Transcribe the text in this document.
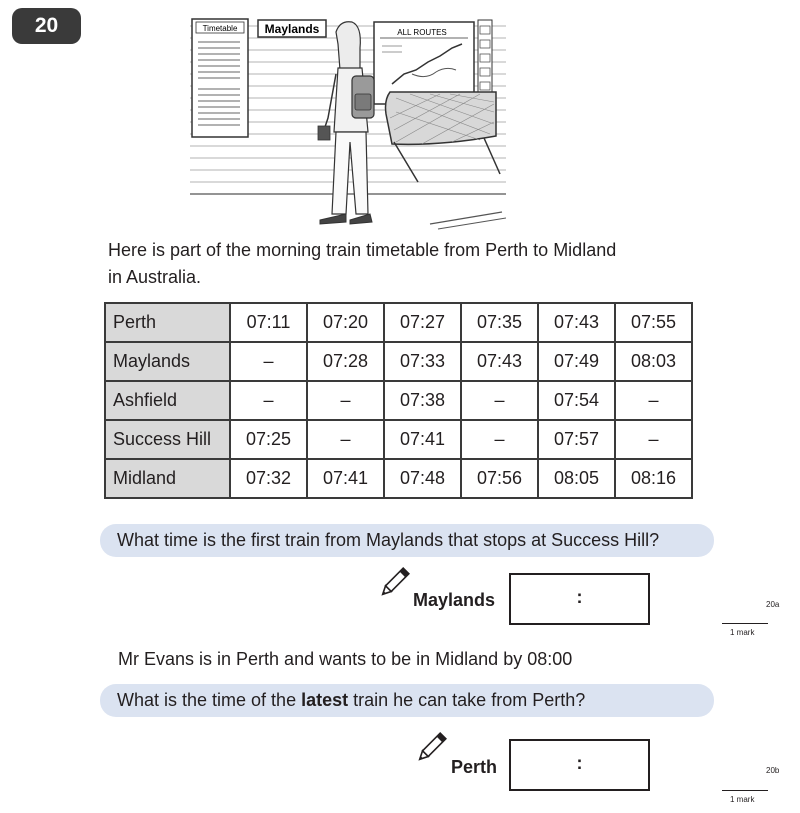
20	Timetable Maylands	ALL ROUTES
Here is part of the morning train timetable from Perth to Midland
in Australia.
Perth	07:11	07:20	07:27	07:35	07:43	07:55
Maylands	–	07:28	07:33	07:43	07:49	08:03
Ashfield	–	–	07:38	–	07:54	–
Success Hill	07:25	–	07:41	–	07:57	–
Midland	07:32	07:41	07:48	07:56	08:05	08:16
What time is the first train from Maylands that stops at Success Hill?
Maylands	:	20a
1 mark
Mr Evans is in Perth and wants to be in Midland by 08:00
What is the time of the latest train he can take from Perth?
Perth	:	20b
1 mark
